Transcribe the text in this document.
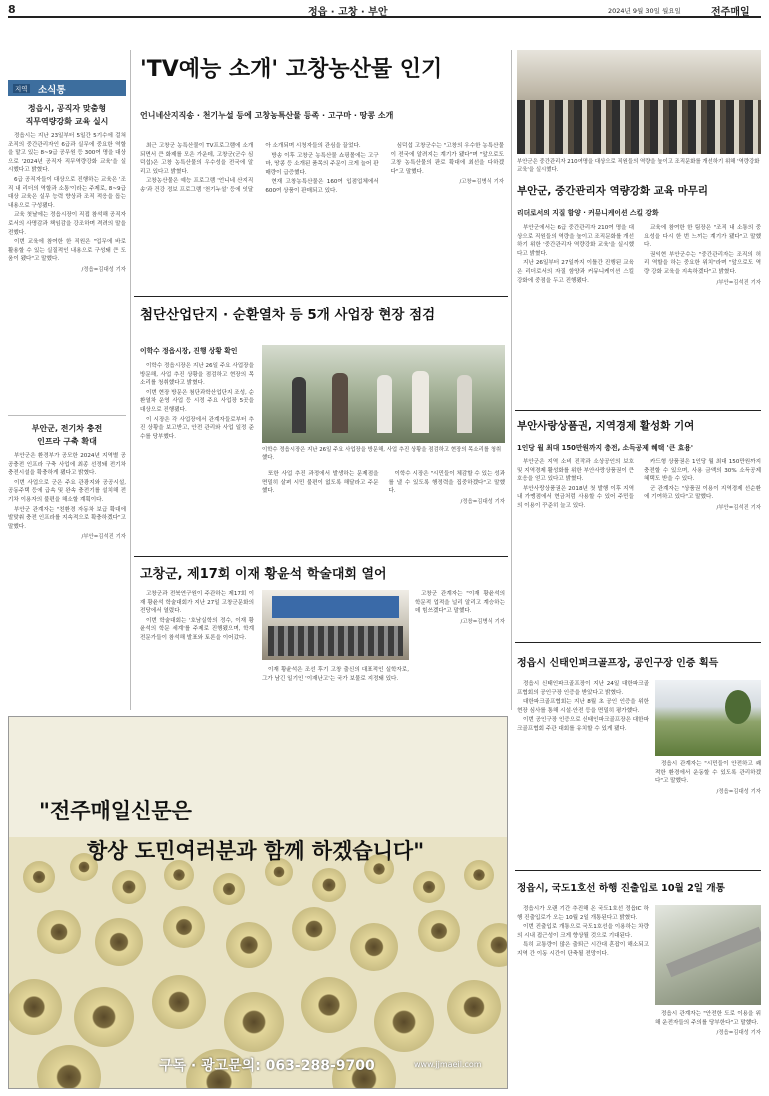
8	정읍 · 고창 · 부안	2024년 9월 30일 월요일	전주매일
지역 소식통
정읍시, 공직자 맞춤형
직무역량강화 교육 실시

정읍시는 지난 23일부터 5일간 5기수에 걸쳐 조직의 중간관리자인 6급과 실무에 중요한 역할을 맡고 있는 8~9급 공무원 등 300여 명을 대상으로 '2024년 공직자 직무역량강화 교육'을 실시했다고 밝혔다.

6급 공직자들이 대상으로 진행하는 교육은 '조직 내 리더의 역할과 소통'이라는 주제로, 8~9급 대상 교육은 실무 능력 향상과 조직 적응을 돕는 내용으로 구성됐다.

교육 첫날에는 정읍시장이 직접 참석해 공직자로서의 사명감과 책임감을 강조하며 격려의 말을 전했다.

이번 교육에 참여한 한 직원은 "업무에 바로 활용할 수 있는 실질적인 내용으로 구성돼 큰 도움이 됐다"고 말했다.

/정읍=김대성 기자
부안군, 전기차 충전
인프라 구축 확대

부안군은 환경부가 공모한 2024년 지역별 공공충전 인프라 구축 사업에 최종 선정돼 전기차 충전시설을 확충하게 됐다고 밝혔다.

이번 사업으로 군은 주요 관광지와 공공시설, 공동주택 등에 급속 및 완속 충전기를 설치해 전기차 이용자의 불편을 해소할 계획이다.

부안군 관계자는 "친환경 자동차 보급 확대에 발맞춰 충전 인프라를 지속적으로 확충하겠다"고 말했다.

/부안=김석진 기자
'TV예능 소개' 고창농산물 인기
언니네산지직송 · 천기누설 등에 고창농특산물 등족 · 고구마 · 땅콩 소개

최근 고창군 농특산물이 TV프로그램에 소개되면서 큰 화제를 모은 가운데, 고창군(군수 심덕섭)은 고창 농특산물의 우수성을 전국에 알리고 있다고 밝혔다.

고창농산물은 예능 프로그램 '언니네 산지직송'과 건강 정보 프로그램 '천기누설' 등에 잇달아 소개되며 시청자들의 관심을 끌었다.

방송 이후 고창군 농특산물 쇼핑몰에는 고구마, 땅콩 등 소개된 품목의 주문이 크게 늘어 판매량이 급증했다.

현재 고창농특산물은 160여 입점업체에서 600여 상품이 판매되고 있다.

심덕섭 고창군수는 "고창의 우수한 농특산물이 전국에 알려지는 계기가 됐다"며 "앞으로도 고창 농특산물의 판로 확대에 최선을 다하겠다"고 말했다.

/고창=김병식 기자
첨단산업단지 · 순환열차 등 5개 사업장 현장 점검
이학수 정읍시장, 진행 상황 확인

이학수 정읍시장은 지난 26일 주요 사업장을 방문해, 사업 추진 상황을 점검하고 현장의 목소리를 청취했다고 밝혔다.

이번 현장 방문은 첨단과학산업단지 조성, 순환열차 운영 사업 등 시정 주요 사업장 5곳을 대상으로 진행됐다.

이 시장은 각 사업장에서 관계자들로부터 추진 상황을 보고받고, 안전 관리와 사업 일정 준수를 당부했다.

이학수 정읍시장은 지난 26일 주요 사업장을 방문해, 사업 추진 상황을 점검하고 현장의 목소리를 청취했다.

또한 사업 추진 과정에서 발생하는 문제점을 면밀히 살펴 시민 불편이 없도록 해달라고 주문했다.

이학수 시장은 "시민들이 체감할 수 있는 성과를 낼 수 있도록 행정력을 집중하겠다"고 말했다.

/정읍=김대성 기자
고창군, 제17회 이재 황윤석 학술대회 열어

고창군과 전북연구원이 주관하는 제17회 이재 황윤석 학술대회가 지난 27일 고창군문화의전당에서 열렸다.

이번 학술대회는 '호남실학의 정수, 이재 황윤석의 학문 세계'를 주제로 진행됐으며, 학계 전문가들이 참석해 발표와 토론을 이어갔다.

이재 황윤석은 조선 후기 고창 출신의 대표적인 실학자로, 그가 남긴 일기인 '이재난고'는 국가 보물로 지정돼 있다.

고창군 관계자는 "이재 황윤석의 학문적 업적을 널리 알리고 계승하는 데 힘쓰겠다"고 말했다.

/고창=김병식 기자
부안군은 중간관리자 210여명을 대상으로 직원들의 역량을 높이고 조직문화를 개선하기 위해 '역량강화 교육'을 실시했다.
부안군, 중간관리자 역량강화 교육 마무리
리더로서의 지질 함양 · 커뮤니케이션 스킬 강화

부안군에서는 6급 중간관리자 210여 명을 대상으로 직원들의 역량을 높이고 조직문화를 개선하기 위한 '중간관리자 역량강화 교육'을 실시했다고 밝혔다.

지난 26일부터 27일까지 이틀간 진행된 교육은 리더로서의 자질 함양과 커뮤니케이션 스킬 강화에 중점을 두고 진행됐다.

교육에 참여한 한 팀장은 "조직 내 소통의 중요성을 다시 한 번 느끼는 계기가 됐다"고 말했다.

권익현 부안군수는 "중간관리자는 조직의 허리 역할을 하는 중요한 위치"라며 "앞으로도 역량 강화 교육을 지속하겠다"고 밝혔다.

/부안=김석진 기자
부안사랑상품권, 지역경제 활성화 기여
1인당 월 최대 150만원까지 충전, 소득공제 혜택 '큰 효용'

부안군은 지역 소비 진작과 소상공인의 보호 및 지역경제 활성화를 위한 부안사랑상품권이 큰 호응을 얻고 있다고 밝혔다.

부안사랑상품권은 2018년 첫 발행 이후 지역 내 가맹점에서 현금처럼 사용할 수 있어 주민들의 이용이 꾸준히 늘고 있다.

카드형 상품권은 1인당 월 최대 150만원까지 충전할 수 있으며, 사용 금액의 30% 소득공제 혜택도 받을 수 있다.

군 관계자는 "상품권 이용이 지역경제 선순환에 기여하고 있다"고 말했다.

/부안=김석진 기자
정읍시 신태인퍼크골프장, 공인구장 인증 획득

정읍시 신태인파크골프장이 지난 24일 대한파크골프협회의 공인구장 인증을 받았다고 밝혔다.

대한파크골프협회는 지난 8월 초 공인 인증을 위한 현장 심사를 통해 시설·안전 등을 면밀히 평가했다.

이번 공인구장 인증으로 신태인파크골프장은 대한파크골프협회 주관 대회를 유치할 수 있게 됐다.

정읍시 관계자는 "시민들이 안전하고 쾌적한 환경에서 운동할 수 있도록 관리하겠다"고 말했다.

/정읍=김대성 기자
정읍시, 국도1호선 하행 진출입로 10월 2일 개통

정읍시가 오랜 기간 추진해 온 국도1호선 정읍IC 하행 진출입로가 오는 10월 2일 개통된다고 밝혔다.

이번 진출입로 개통으로 국도1호선을 이용하는 차량의 시내 접근성이 크게 향상될 것으로 기대된다.

특히 교통량이 많은 출퇴근 시간대 혼잡이 해소되고 지역 간 이동 시간이 단축될 전망이다.

정읍시 관계자는 "안전한 도로 이용을 위해 운전자들의 주의를 당부한다"고 말했다.

/정읍=김대성 기자
"전주매일신문은
항상 도민여러분과 함께 하겠습니다"
구독 · 광고문의: 063-288-9700	www.jjmaeil.com
